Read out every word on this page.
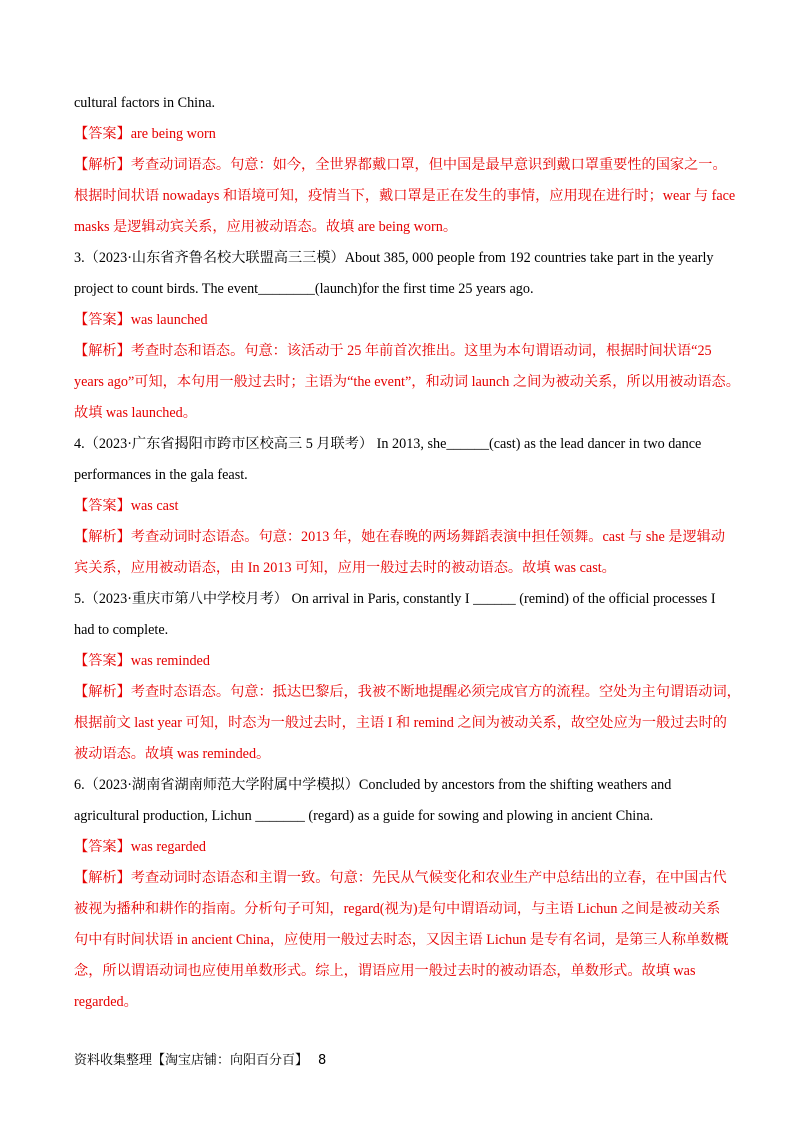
cultural factors in China.
【答案】are being worn
【解析】考查动词语态。句意：如今，全世界都戴口罩，但中国是最早意识到戴口罩重要性的国家之一。
根据时间状语 nowadays 和语境可知，疫情当下，戴口罩是正在发生的事情，应用现在进行时；wear 与 face
masks 是逻辑动宾关系，应用被动语态。故填 are being worn。
3.（2023·山东省齐鲁名校大联盟高三三模）About 385, 000 people from 192 countries take part in the yearly
project to count birds. The event________(launch)for the first time 25 years ago.
【答案】was launched
【解析】考查时态和语态。句意：该活动于 25 年前首次推出。这里为本句谓语动词，根据时间状语“25
years ago”可知，本句用一般过去时；主语为“the event”，和动词 launch 之间为被动关系，所以用被动语态。
故填 was launched。
4.（2023·广东省揭阳市跨市区校高三 5 月联考） In 2013, she______(cast) as the lead dancer in two dance
performances in the gala feast.
【答案】was cast
【解析】考查动词时态语态。句意：2013 年，她在春晚的两场舞蹈表演中担任领舞。cast 与 she 是逻辑动
宾关系，应用被动语态，由 In 2013 可知，应用一般过去时的被动语态。故填 was cast。
5.（2023·重庆市第八中学校月考） On arrival in Paris, constantly I ______ (remind) of the official processes I
had to complete.
【答案】was reminded
【解析】考查时态语态。句意：抵达巴黎后，我被不断地提醒必须完成官方的流程。空处为主句谓语动词，
根据前文 last year 可知，时态为一般过去时，主语 I 和 remind 之间为被动关系，故空处应为一般过去时的
被动语态。故填 was reminded。
6.（2023·湖南省湖南师范大学附属中学模拟）Concluded by ancestors from the shifting weathers and
agricultural production, Lichun _______ (regard) as a guide for sowing and plowing in ancient China.
【答案】was regarded
【解析】考查动词时态语态和主谓一致。句意：先民从气候变化和农业生产中总结出的立春，在中国古代
被视为播种和耕作的指南。分析句子可知，regard(视为)是句中谓语动词，与主语 Lichun 之间是被动关系
句中有时间状语 in ancient China，应使用一般过去时态，又因主语 Lichun 是专有名词，是第三人称单数概
念，所以谓语动词也应使用单数形式。综上，谓语应用一般过去时的被动语态，单数形式。故填 was
regarded。
资料收集整理【淘宝店铺：向阳百分百】 8
